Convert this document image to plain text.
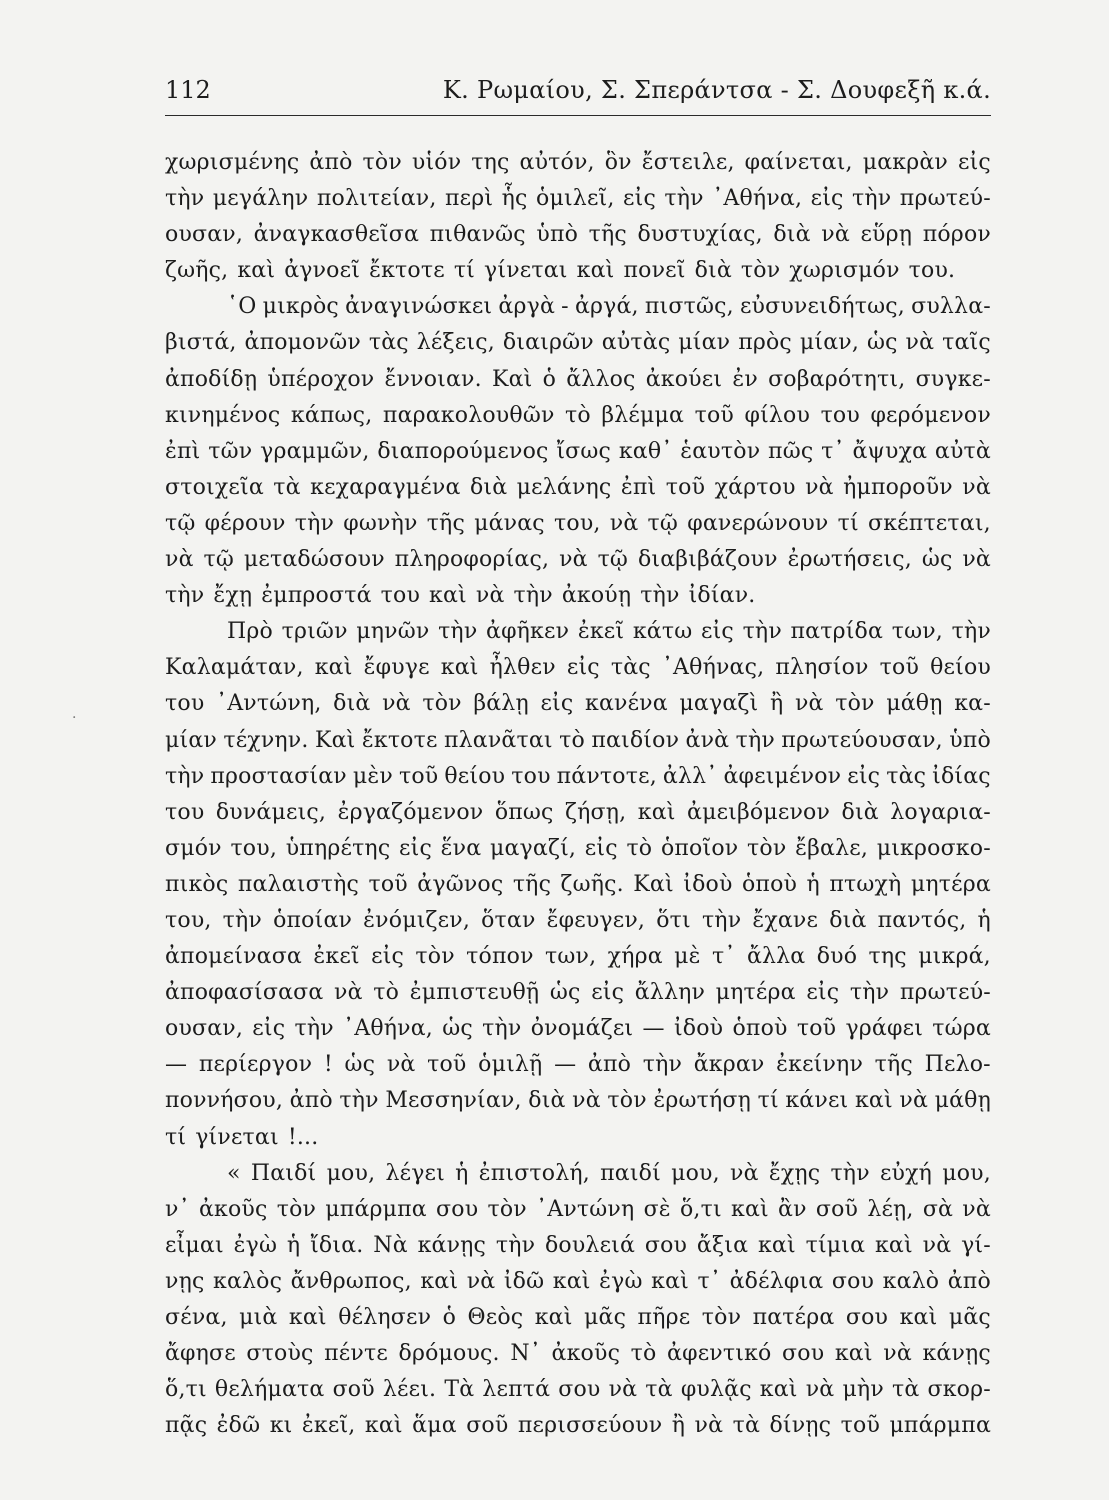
112	Κ. Ρωμαίου, Σ. Σπεράντσα - Σ. Δουφεξῆ κ.ά.
·
χωρισμένης ἀπὸ τὸν υἱόν της αὐτόν, ὃν ἔστειλε, φαίνεται, μακρὰν εἰς
τὴν μεγάλην πολιτείαν, περὶ ἧς ὁμιλεῖ, εἰς τὴν ᾿Αθήνα, εἰς τὴν πρωτεύ-
ουσαν, ἀναγκασθεῖσα πιθανῶς ὑπὸ τῆς δυστυχίας, διὰ νὰ εὕρῃ πόρον
ζωῆς, καὶ ἀγνοεῖ ἔκτοτε τί γίνεται καὶ πονεῖ διὰ τὸν χωρισμόν του.
῾Ο μικρὸς ἀναγινώσκει ἀργὰ - ἀργά, πιστῶς, εὐσυνειδήτως, συλλα-
βιστά, ἀπομονῶν τὰς λέξεις, διαιρῶν αὐτὰς μίαν πρὸς μίαν, ὡς νὰ ταῖς
ἀποδίδῃ ὑπέροχον ἔννοιαν. Καὶ ὁ ἄλλος ἀκούει ἐν σοβαρότητι, συγκε-
κινημένος κάπως, παρακολουθῶν τὸ βλέμμα τοῦ φίλου του φερόμενον
ἐπὶ τῶν γραμμῶν, διαπορούμενος ἴσως καθ᾿ ἑαυτὸν πῶς τ᾿ ἄψυχα αὐτὰ
στοιχεῖα τὰ κεχαραγμένα διὰ μελάνης ἐπὶ τοῦ χάρτου νὰ ἠμποροῦν νὰ
τῷ φέρουν τὴν φωνὴν τῆς μάνας του, νὰ τῷ φανερώνουν τί σκέπτεται,
νὰ τῷ μεταδώσουν πληροφορίας, νὰ τῷ διαβιβάζουν ἐρωτήσεις, ὡς νὰ
τὴν ἔχῃ ἐμπροστά του καὶ νὰ τὴν ἀκούῃ τὴν ἰδίαν.
Πρὸ τριῶν μηνῶν τὴν ἀφῆκεν ἐκεῖ κάτω εἰς τὴν πατρίδα των, τὴν
Καλαμάταν, καὶ ἔφυγε καὶ ἦλθεν εἰς τὰς ᾿Αθήνας, πλησίον τοῦ θείου
του ᾿Αντώνη, διὰ νὰ τὸν βάλῃ εἰς κανένα μαγαζὶ ἢ νὰ τὸν μάθῃ κα-
μίαν τέχνην. Καὶ ἔκτοτε πλανᾶται τὸ παιδίον ἀνὰ τὴν πρωτεύουσαν, ὑπὸ
τὴν προστασίαν μὲν τοῦ θείου του πάντοτε, ἀλλ᾿ ἀφειμένον εἰς τὰς ἰδίας
του δυνάμεις, ἐργαζόμενον ὅπως ζήσῃ, καὶ ἀμειβόμενον διὰ λογαρια-
σμόν του, ὑπηρέτης εἰς ἕνα μαγαζί, εἰς τὸ ὁποῖον τὸν ἔβαλε, μικροσκο-
πικὸς παλαιστὴς τοῦ ἀγῶνος τῆς ζωῆς. Καὶ ἰδοὺ ὁποὺ ἡ πτωχὴ μητέρα
του, τὴν ὁποίαν ἐνόμιζεν, ὅταν ἔφευγεν, ὅτι τὴν ἔχανε διὰ παντός, ἡ
ἀπομείνασα ἐκεῖ εἰς τὸν τόπον των, χήρα μὲ τ᾿ ἄλλα δυό της μικρά,
ἀποφασίσασα νὰ τὸ ἐμπιστευθῇ ὡς εἰς ἄλλην μητέρα εἰς τὴν πρωτεύ-
ουσαν, εἰς τὴν ᾿Αθήνα, ὡς τὴν ὀνομάζει — ἰδοὺ ὁποὺ τοῦ γράφει τώρα
— περίεργον ! ὡς νὰ τοῦ ὁμιλῇ — ἀπὸ τὴν ἄκραν ἐκείνην τῆς Πελο-
ποννήσου, ἀπὸ τὴν Μεσσηνίαν, διὰ νὰ τὸν ἐρωτήσῃ τί κάνει καὶ νὰ μάθῃ
τί γίνεται !...
« Παιδί μου, λέγει ἡ ἐπιστολή, παιδί μου, νὰ ἔχῃς τὴν εὐχή μου,
ν᾿ ἀκοῦς τὸν μπάρμπα σου τὸν ᾿Αντώνη σὲ ὅ,τι καὶ ἂν σοῦ λέῃ, σὰ νὰ
εἶμαι ἐγὼ ἡ ἴδια. Νὰ κάνῃς τὴν δουλειά σου ἄξια καὶ τίμια καὶ νὰ γί-
νῃς καλὸς ἄνθρωπος, καὶ νὰ ἰδῶ καὶ ἐγὼ καὶ τ᾿ ἀδέλφια σου καλὸ ἀπὸ
σένα, μιὰ καὶ θέλησεν ὁ Θεὸς καὶ μᾶς πῆρε τὸν πατέρα σου καὶ μᾶς
ἄφησε στοὺς πέντε δρόμους. Ν᾿ ἀκοῦς τὸ ἀφεντικό σου καὶ νὰ κάνῃς
ὅ,τι θελήματα σοῦ λέει. Τὰ λεπτά σου νὰ τὰ φυλᾷς καὶ νὰ μὴν τὰ σκορ-
πᾷς ἐδῶ κι ἐκεῖ, καὶ ἅμα σοῦ περισσεύουν ἢ νὰ τὰ δίνῃς τοῦ μπάρμπα
